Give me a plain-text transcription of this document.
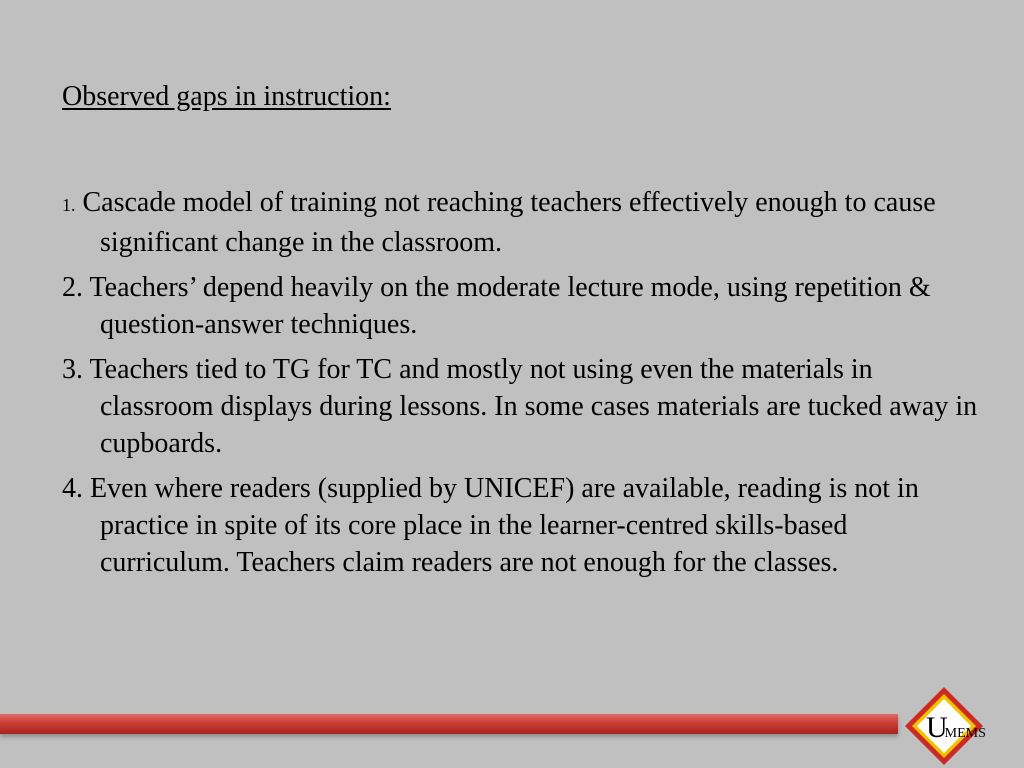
Observed gaps in instruction:
1. Cascade model of training not reaching teachers effectively enough to cause significant change in the classroom.
2. Teachers’ depend heavily on the moderate lecture mode, using repetition & question-answer techniques.
3. Teachers tied to TG for TC and mostly not using even the materials in classroom displays during lessons. In some cases materials are tucked away in cupboards.
4. Even where readers (supplied by UNICEF) are available, reading is not in practice in spite of its core place in the learner-centred skills-based curriculum. Teachers claim readers are not enough for the classes.
UMEMS
